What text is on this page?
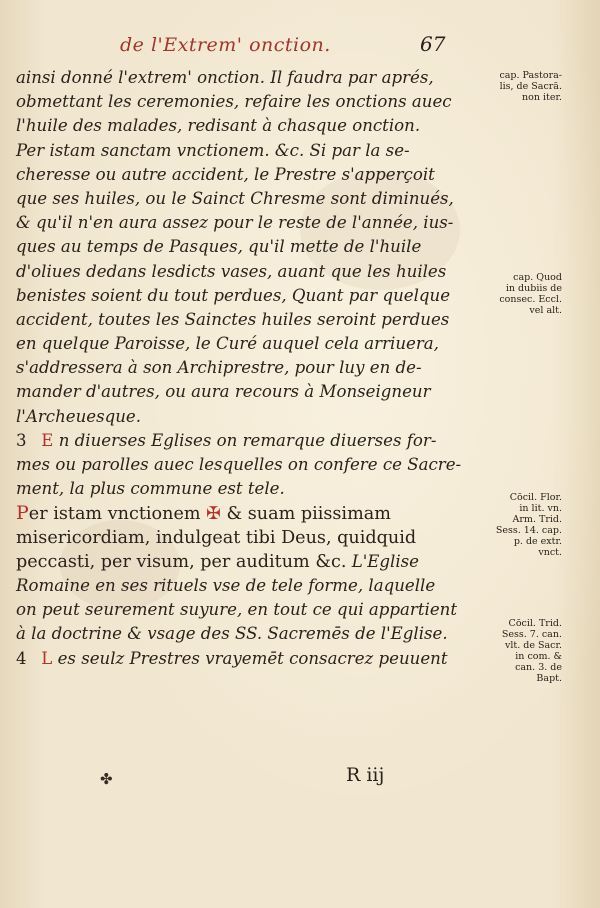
de l'Extrem' onction.	67
ainsi donné l'extrem' onction. Il faudra par aprés,
obmettant les ceremonies, refaire les onctions auec
l'huile des malades, redisant à chasque onction.
Per istam sanctam vnctionem. &c. Si par la se-
cheresse ou autre accident, le Prestre s'apperçoit
que ses huiles, ou le Sainct Chresme sont diminués,
& qu'il n'en aura assez pour le reste de l'année, ius-
ques au temps de Pasques, qu'il mette de l'huile
d'oliues dedans lesdicts vases, auant que les huiles
benistes soient du tout perdues, Quant par quelque
accident, toutes les Sainctes huiles seroint perdues
en quelque Paroisse, le Curé auquel cela arriuera,
s'addressera à son Archiprestre, pour luy en de-
mander d'autres, ou aura recours à Monseigneur
l'Archeuesque.
3 E n diuerses Eglises on remarque diuerses for-
mes ou parolles auec lesquelles on confere ce Sacre-
ment, la plus commune est tele.
Per istam vnctionem ✠ & suam piissimam
misericordiam, indulgeat tibi Deus, quidquid
peccasti, per visum, per auditum &c. L'Eglise
Romaine en ses rituels vse de tele forme, laquelle
on peut seurement suyure, en tout ce qui appartient
à la doctrine & vsage des SS. Sacremēs de l'Eglise.
4 L es seulz Prestres vrayemēt consacrez peuuent
cap. Pastora-
lis, de Sacrā.
non iter.
cap. Quod
in dubiis de
consec. Eccl.
vel alt.
Cōcil. Flor.
in lit. vn.
Arm. Trid.
Sess. 14. cap.
p. de extr.
vnct.
Cōcil. Trid.
Sess. 7. can.
vlt. de Sacr.
in com. &
can. 3. de
Bapt.
✤	R iij
